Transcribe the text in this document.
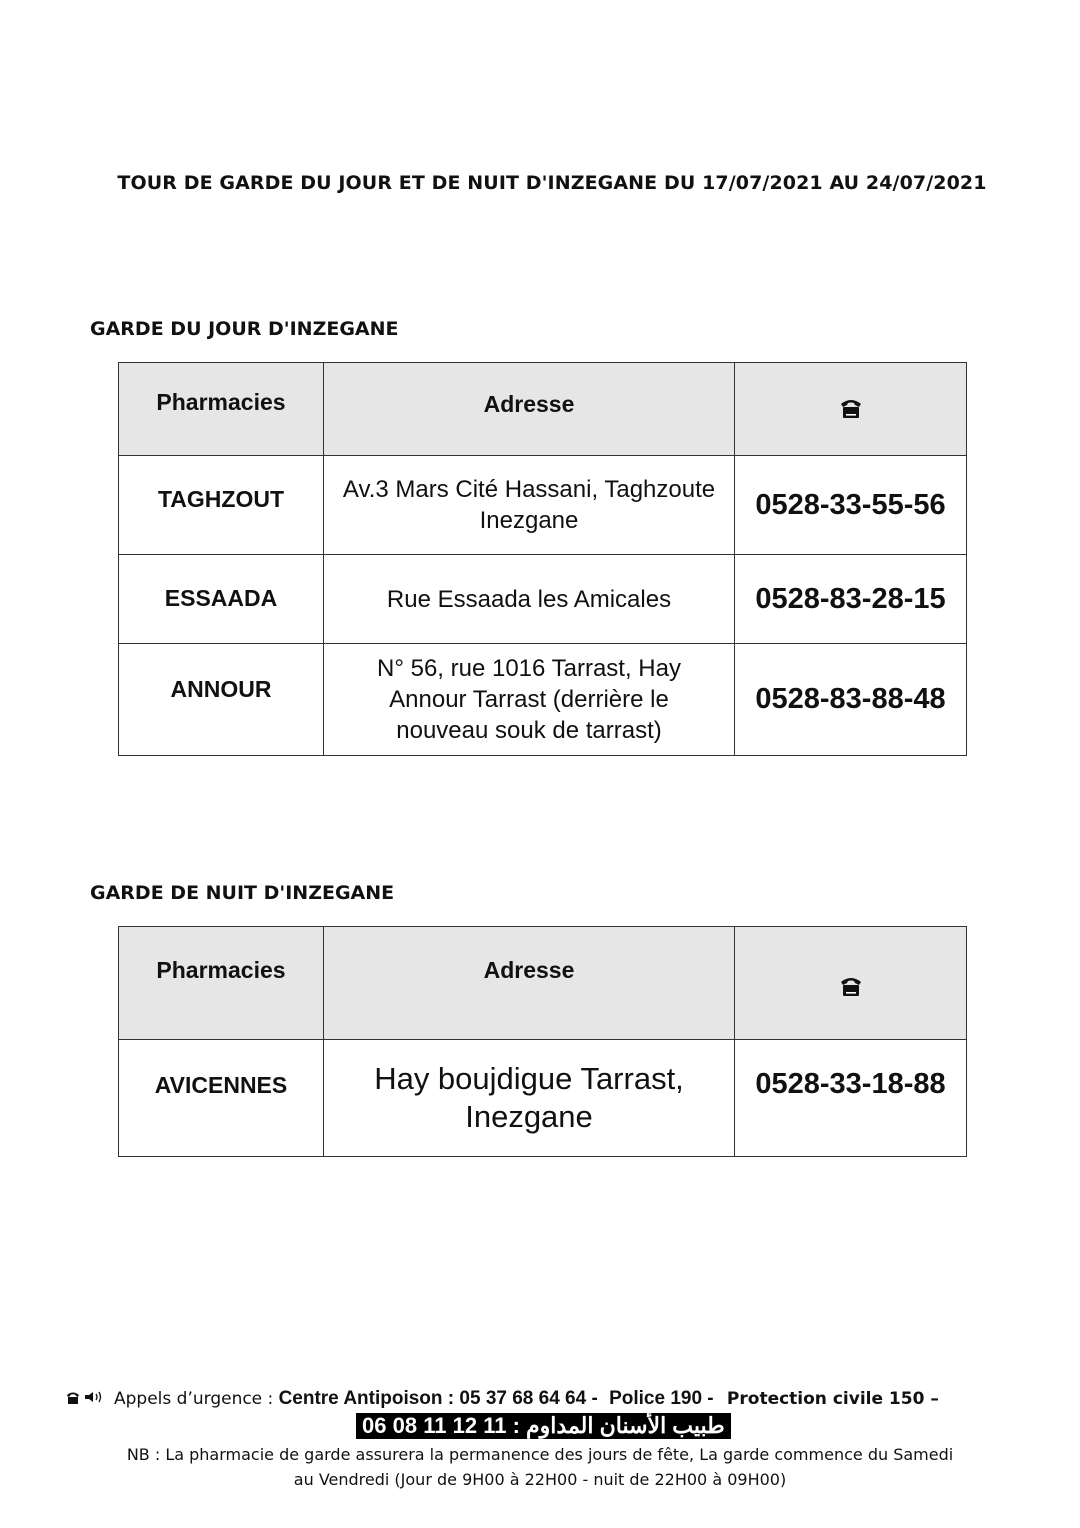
TOUR DE GARDE DU JOUR ET DE NUIT D'INZEGANE DU 17/07/2021 AU 24/07/2021
GARDE DU JOUR D'INZEGANE
Pharmacies	Adresse	
TAGHZOUT	Av.3 Mars Cité Hassani, Taghzoute Inezgane	0528-33-55-56
ESSAADA	Rue Essaada les Amicales	0528-83-28-15
ANNOUR	N° 56, rue 1016 Tarrast, Hay Annour Tarrast (derrière le nouveau souk de tarrast)	0528-83-88-48
GARDE DE NUIT D'INZEGANE
Pharmacies	Adresse	
AVICENNES	Hay boujdigue Tarrast, Inezgane	0528-33-18-88
Appels d’urgence : Centre Antipoison : 05 37 68 64 64 - Police 190 - Protection civile 150 –
طبيب الأسنان المداوم : 11 12 11 08 06
NB : La pharmacie de garde assurera la permanence des jours de fête, La garde commence du Samedi
au Vendredi (Jour de 9H00 à 22H00 - nuit de 22H00 à 09H00)
